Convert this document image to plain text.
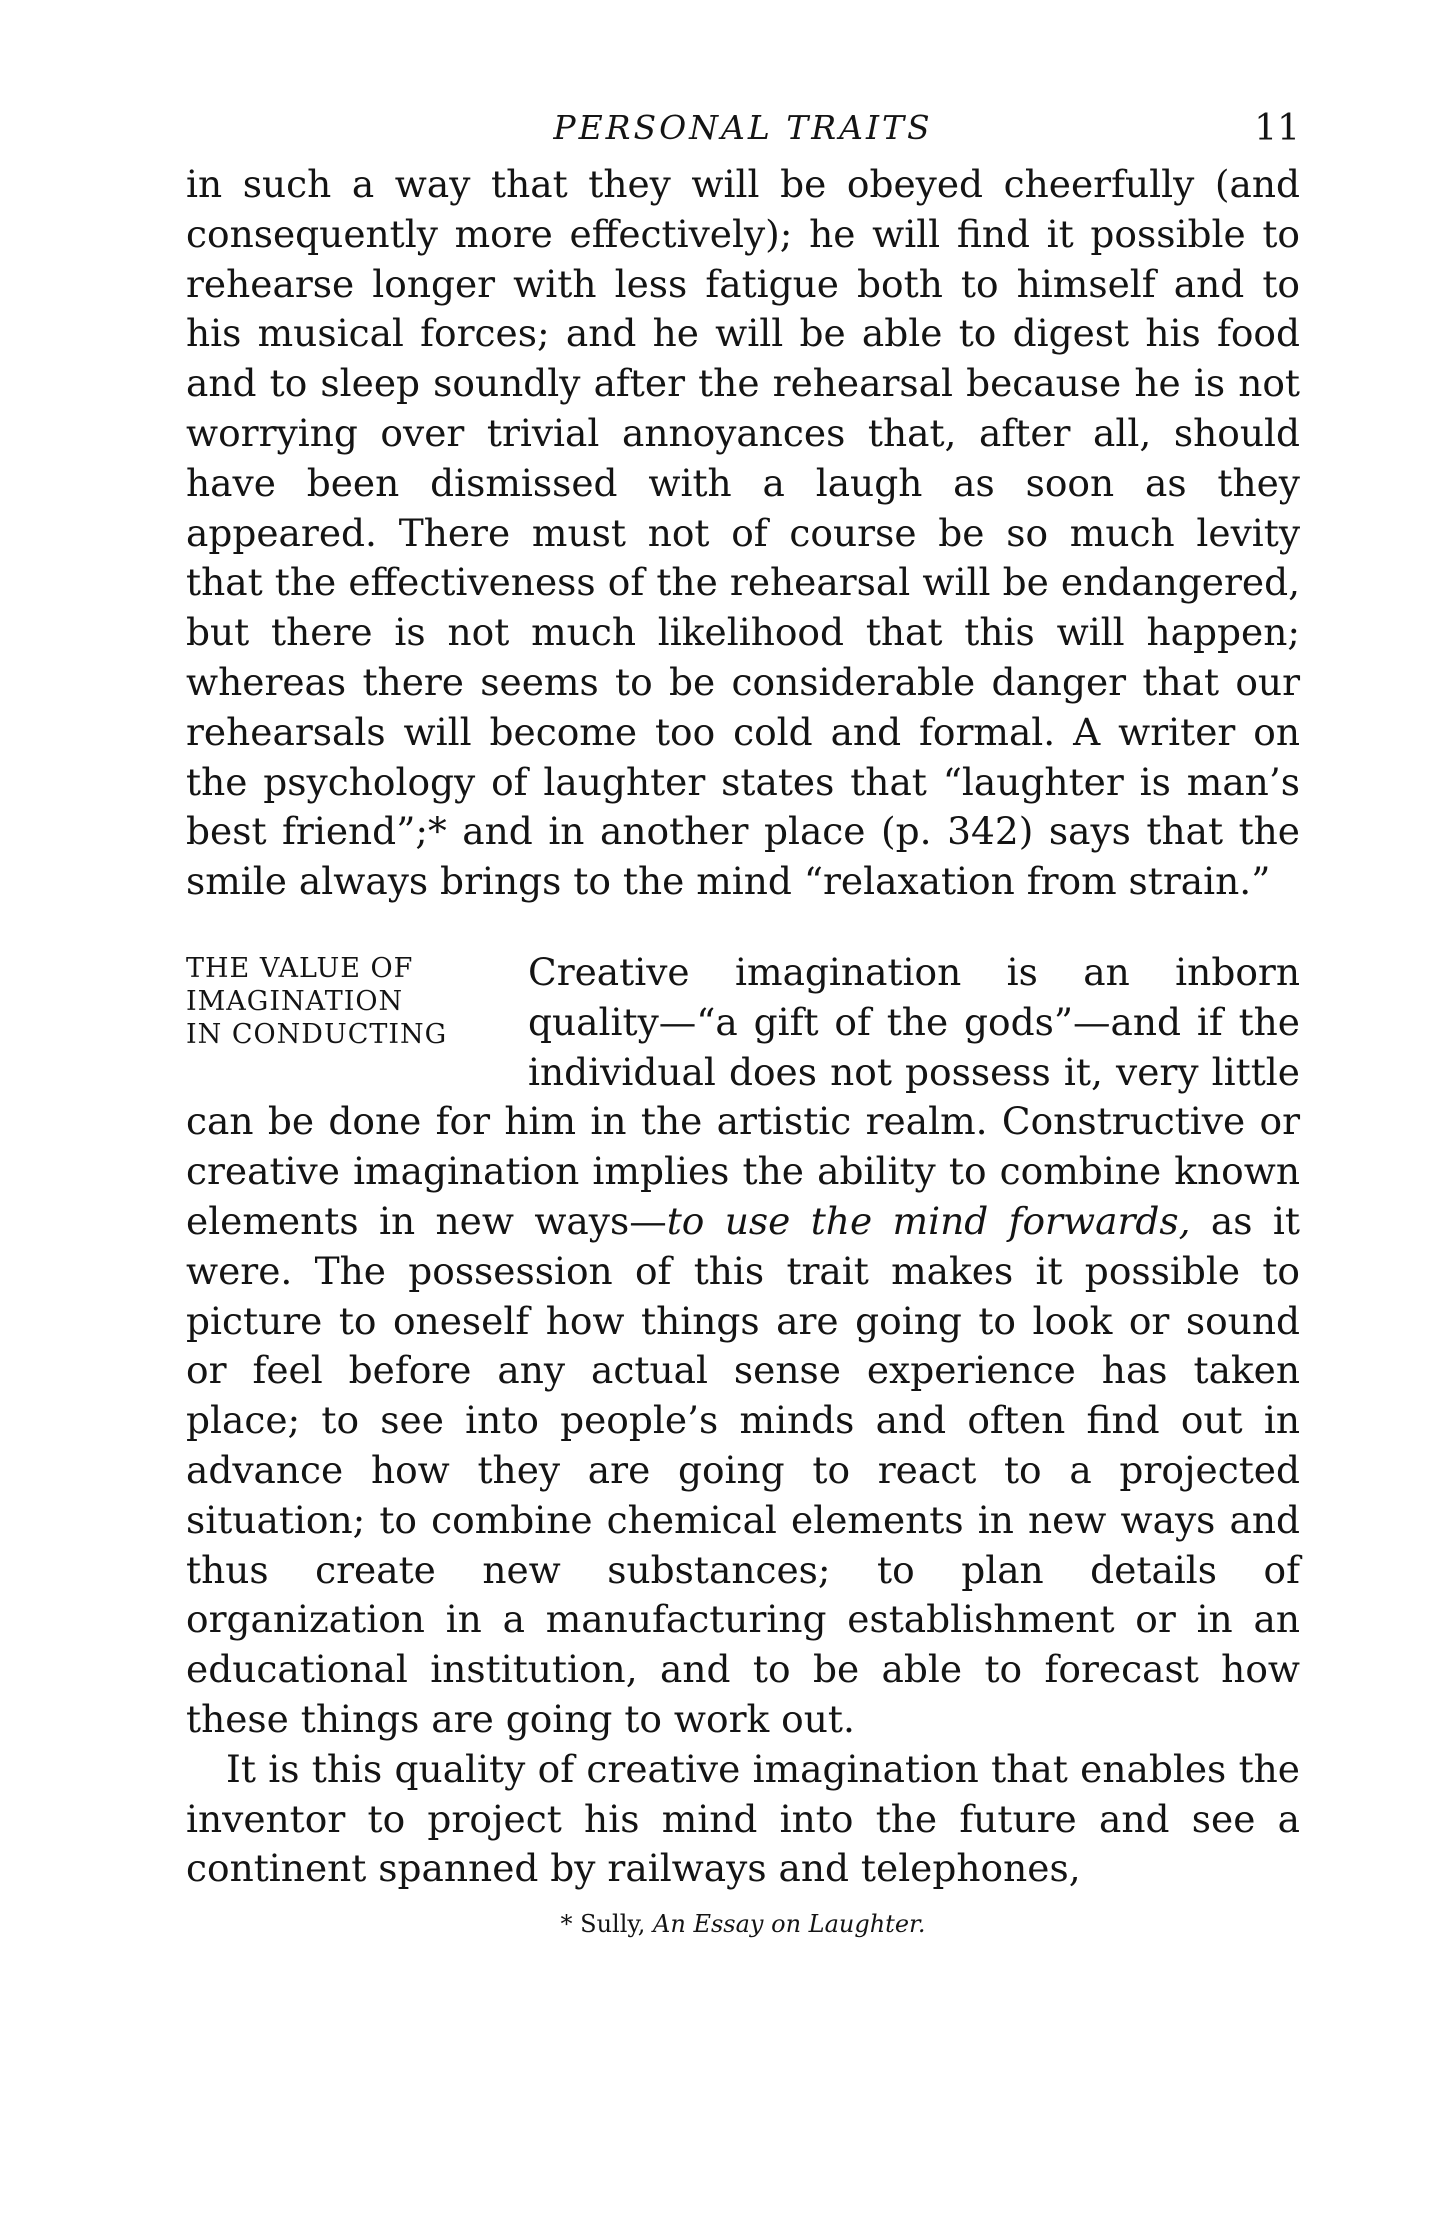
PERSONAL TRAITS	11

in such a way that they will be obeyed cheerfully (and consequently more effectively); he will find it possible to rehearse longer with less fatigue both to himself and to his musical forces; and he will be able to digest his food and to sleep soundly after the rehearsal because he is not worrying over trivial annoyances that, after all, should have been dismissed with a laugh as soon as they appeared. There must not of course be so much levity that the effectiveness of the rehearsal will be endangered, but there is not much likelihood that this will happen; whereas there seems to be considerable danger that our rehearsals will become too cold and formal. A writer on the psychology of laughter states that “laughter is man’s best friend”;* and in another place (p. 342) says that the smile always brings to the mind “relaxation from strain.”

THE VALUE OF
IMAGINATION
IN CONDUCTING

Creative imagination is an inborn quality—“a gift of the gods”—and if the individual does not possess it, very little can be done for him in the artistic realm. Constructive or creative imagination implies the ability to combine known elements in new ways—to use the mind forwards, as it were. The possession of this trait makes it possible to picture to oneself how things are going to look or sound or feel before any actual sense experience has taken place; to see into people’s minds and often find out in advance how they are going to react to a projected situation; to combine chemical elements in new ways and thus create new substances; to plan details of organization in a manufacturing establishment or in an educational institution, and to be able to forecast how these things are going to work out.

It is this quality of creative imagination that enables the inventor to project his mind into the future and see a continent spanned by railways and telephones,

* Sully, An Essay on Laughter.
